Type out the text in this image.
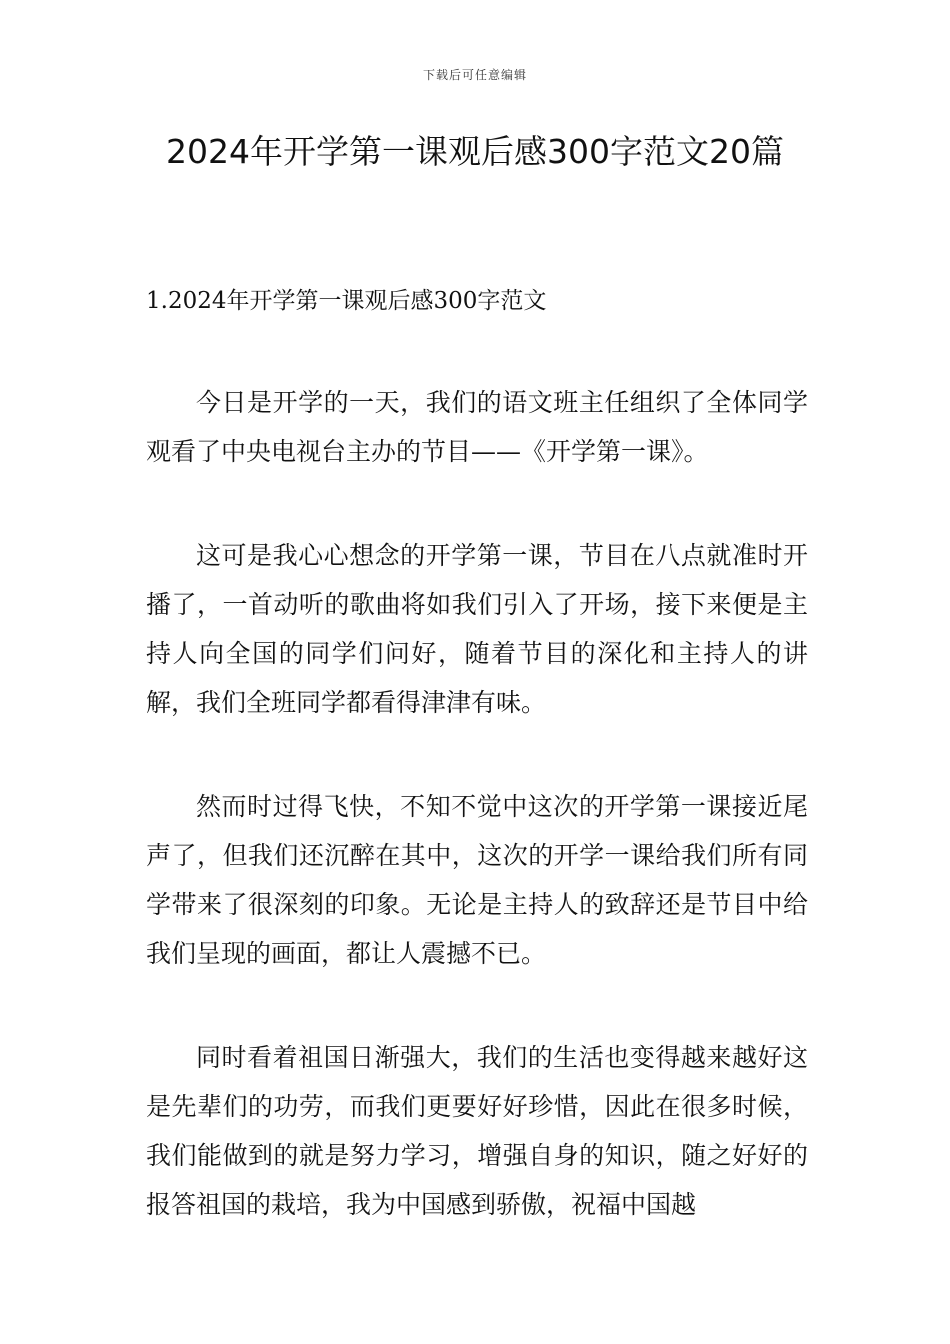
下载后可任意编辑
2024年开学第一课观后感300字范文20篇
1.2024年开学第一课观后感300字范文

今日是开学的一天，我们的语文班主任组织了全体同学观看了中央电视台主办的节目——《开学第一课》。

这可是我心心想念的开学第一课，节目在八点就准时开播了，一首动听的歌曲将如我们引入了开场，接下来便是主持人向全国的同学们问好，随着节目的深化和主持人的讲解，我们全班同学都看得津津有味。

然而时过得飞快，不知不觉中这次的开学第一课接近尾声了，但我们还沉醉在其中，这次的开学一课给我们所有同学带来了很深刻的印象。无论是主持人的致辞还是节目中给我们呈现的画面，都让人震撼不已。

同时看着祖国日渐强大，我们的生活也变得越来越好这是先辈们的功劳，而我们更要好好珍惜，因此在很多时候，我们能做到的就是努力学习，增强自身的知识，随之好好的报答祖国的栽培，我为中国感到骄傲，祝福中国越
